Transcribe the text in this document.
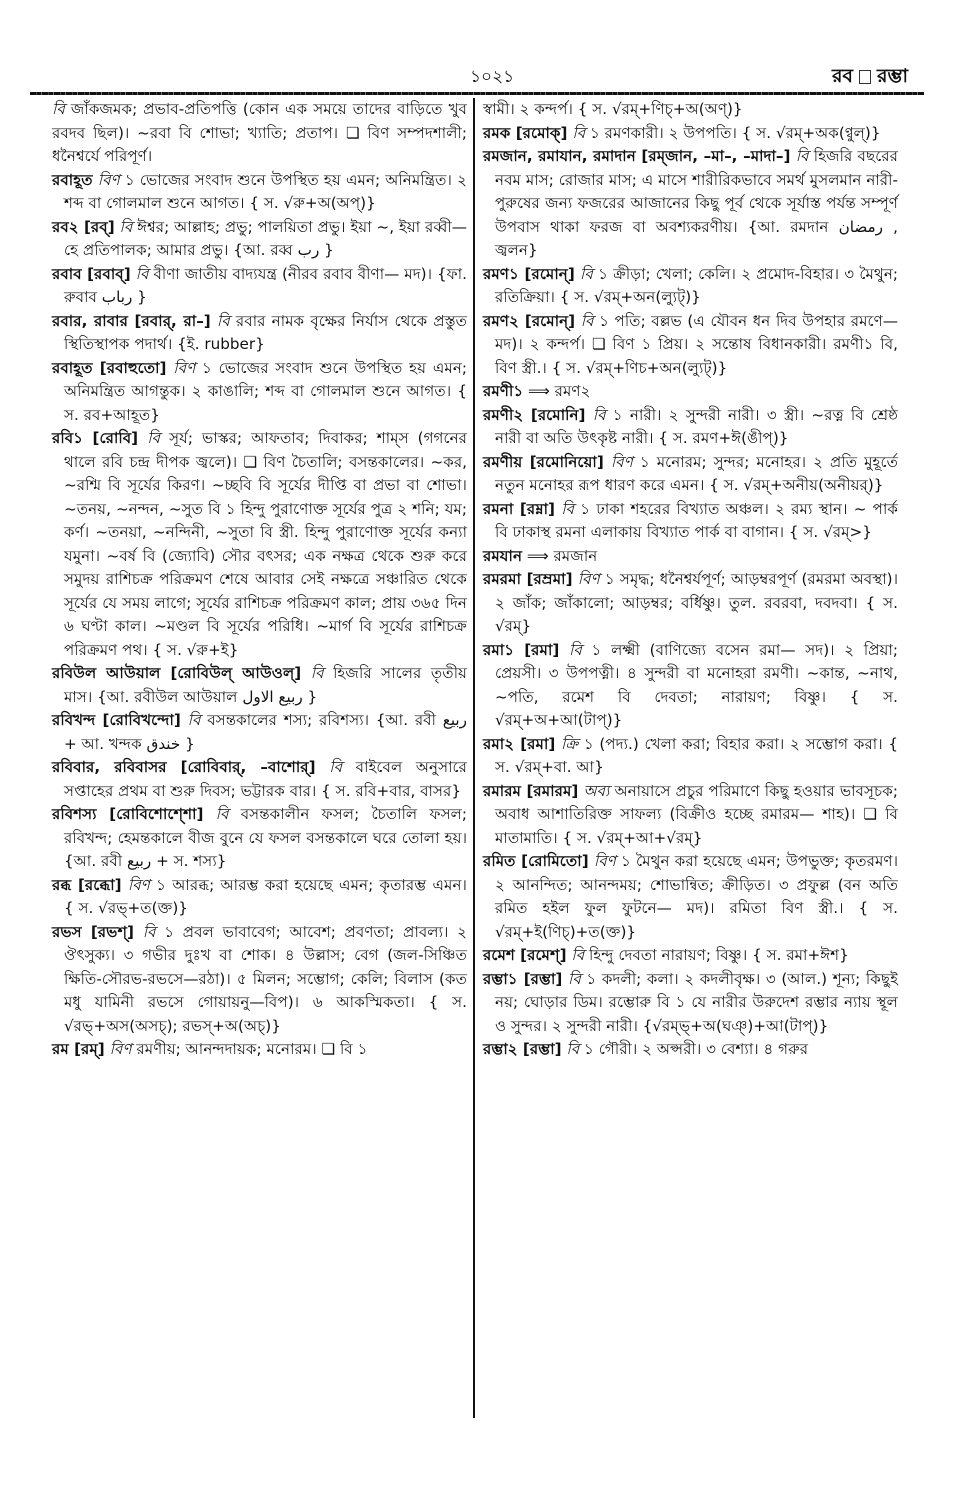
১০২১	রব রম্ভা

বি জাঁকজমক; প্রভাব-প্রতিপত্তি (কোন এক সময়ে তাদের বাড়িতে খুব রবদব ছিল)। ~রবা বি শোভা; খ্যাতি; প্রতাপ। ❏ বিণ সম্পদশালী; ধনৈশ্বর্যে পরিপূর্ণ।

রবাহূত বিণ ১ ভোজের সংবাদ শুনে উপস্থিত হয় এমন; অনিমন্ত্রিত। ২ শব্দ বা গোলমাল শুনে আগত। { স. √রু+অ(অপ্)}

রব২ [রব্] বি ঈশ্বর; আল্লাহ; প্রভু; পালয়িতা প্রভু। ইয়া ~, ইয়া রব্বী— হে প্রতিপালক; আমার প্রভু। {আ. রব্ব رب }

রবাব [রবাব্] বি বীণা জাতীয় বাদ্যযন্ত্র (নীরব রবাব বীণা— মদ)। {ফা. রুবাব رباب }

রবার, রাবার [রবার্, রা–] বি রবার নামক বৃক্ষের নির্যাস থেকে প্রস্তুত স্থিতিস্থাপক পদার্থ। {ই. rubber}

রবাহূত [রবাহুতো] বিণ ১ ভোজের সংবাদ শুনে উপস্থিত হয় এমন; অনিমন্ত্রিত আগন্তুক। ২ কাঙালি; শব্দ বা গোলমাল শুনে আগত। { স. রব+আহূত}

রবি১ [রোবি] বি সূর্য; ভাস্কর; আফতাব; দিবাকর; শাম্স (গগনের থালে রবি চন্দ্র দীপক জ্বলে)। ❏ বিণ চৈতালি; বসন্তকালের। ~কর, ~রশ্মি বি সূর্যের কিরণ। ~চ্ছবি বি সূর্যের দীপ্তি বা প্রভা বা শোভা। ~তনয়, ~নন্দন, ~সুত বি ১ হিন্দু পুরাণোক্ত সূর্যের পুত্র ২ শনি; যম; কর্ণ। ~তনয়া, ~নন্দিনী, ~সুতা বি স্ত্রী. হিন্দু পুরাণোক্ত সূর্যের কন্যা যমুনা। ~বর্ষ বি (জ্যোবি) সৌর বৎসর; এক নক্ষত্র থেকে শুরু করে সমুদয় রাশিচক্র পরিক্রমণ শেষে আবার সেই নক্ষত্রে সঞ্চারিত থেকে সূর্যের যে সময় লাগে; সূর্যের রাশিচক্র পরিক্রমণ কাল; প্রায় ৩৬৫ দিন ৬ ঘণ্টা কাল। ~মণ্ডল বি সূর্যের পরিধি। ~মার্গ বি সূর্যের রাশিচক্র পরিক্রমণ পথ। { স. √রু+ই}

রবিউল আউয়াল [রোবিউল্ আউওল্] বি হিজরি সালের তৃতীয় মাস। {আ. রবীউল আউয়াল ربيع الاول }

রবিখন্দ [রোবিখন্দো] বি বসন্তকালের শস্য; রবিশস্য। {আ. রবী ربيع + আ. খন্দক خندق }

রবিবার, রবিবাসর [রোবিবার্, –বাশোর্] বি বাইবেল অনুসারে সপ্তাহের প্রথম বা শুরু দিবস; ভট্টারক বার। { স. রবি+বার, বাসর}

রবিশস্য [রোবিশোশ্শো] বি বসন্তকালীন ফসল; চৈতালি ফসল; রবিখন্দ; হেমন্তকালে বীজ বুনে যে ফসল বসন্তকালে ঘরে তোলা হয়। {আ. রবী ربيع + স. শস্য}

রব্ধ [রব্ধো] বিণ ১ আরব্ধ; আরম্ভ করা হয়েছে এমন; কৃতারম্ভ এমন। { স. √রভ্+ত(ক্ত)}

রভস [রভশ্] বি ১ প্রবল ভাবাবেগ; আবেশ; প্রবণতা; প্রাবল্য। ২ ঔৎসুক্য। ৩ গভীর দুঃখ বা শোক। ৪ উল্লাস; বেগ (জল-সিঞ্চিত ক্ষিতি-সৌরভ-রভসে—রঠা)। ৫ মিলন; সম্ভোগ; কেলি; বিলাস (কত মধু যামিনী রভসে গোয়ায়নু—বিপ)। ৬ আকস্মিকতা। { স. √রভ্+অস(অসচ্); রভস্+অ(অচ্)}

রম [রম্] বিণ রমণীয়; আনন্দদায়ক; মনোরম। ❏ বি ১

স্বামী। ২ কন্দর্প। { স. √রম্+ণিচ্+অ(অণ্)}

রমক [রমোক্] বি ১ রমণকারী। ২ উপপতি। { স. √রম্+অক(ণ্বুল্)}

রমজান, রমাযান, রমাদান [রম্জান, –মা–, –মাদা–] বি হিজরি বছরের নবম মাস; রোজার মাস; এ মাসে শারীরিকভাবে সমর্থ মুসলমান নারী-পুরুষের জন্য ফজরের আজানের কিছু পূর্ব থেকে সূর্যাস্ত পর্যন্ত সম্পূর্ণ উপবাস থাকা ফরজ বা অবশ্যকরণীয়। {আ. রমদান رمضان , জ্বলন}

রমণ১ [রমোন্] বি ১ ক্রীড়া; খেলা; কেলি। ২ প্রমোদ-বিহার। ৩ মৈথুন; রতিক্রিয়া। { স. √রম্+অন(ল্যুট্)}

রমণ২ [রমোন্] বি ১ পতি; বল্লভ (এ যৌবন ধন দিব উপহার রমণে— মদ)। ২ কন্দর্প। ❏ বিণ ১ প্রিয়। ২ সন্তোষ বিধানকারী। রমণী১ বি, বিণ স্ত্রী.। { স. √রম্+ণিচ+অন(ল্যুট্)}

রমণী১ ⟹ রমণ২

রমণী২ [রমোনি] বি ১ নারী। ২ সুন্দরী নারী। ৩ স্ত্রী। ~রত্ন বি শ্রেষ্ঠ নারী বা অতি উৎকৃষ্ট নারী। { স. রমণ+ঈ(ঙীপ্)}

রমণীয় [রমোনিয়ো] বিণ ১ মনোরম; সুন্দর; মনোহর। ২ প্রতি মুহূর্তে নতুন মনোহর রূপ ধারণ করে এমন। { স. √রম্+অনীয়(অনীয়র্)}

রমনা [রম্না] বি ১ ঢাকা শহরের বিখ্যাত অঞ্চল। ২ রম্য স্থান। ~ পার্ক বি ঢাকাস্থ রমনা এলাকায় বিখ্যাত পার্ক বা বাগান। { স. √রম্>}

রমযান ⟹ রমজান

রমরমা [রম্রমা] বিণ ১ সমৃদ্ধ; ধনৈশ্বর্যপূর্ণ; আড়ম্বরপূর্ণ (রমরমা অবস্থা)। ২ জাঁক; জাঁকালো; আড়ম্বর; বর্ধিষ্ণু। তুল. রবরবা, দবদবা। { স. √রম্}

রমা১ [রমা] বি ১ লক্ষ্মী (বাণিজ্যে বসেন রমা— সদ)। ২ প্রিয়া; প্রেয়সী। ৩ উপপত্নী। ৪ সুন্দরী বা মনোহরা রমণী। ~কান্ত, ~নাথ, ~পতি, রমেশ বি দেবতা; নারায়ণ; বিষ্ণু। { স. √রম্+অ+আ(টাপ্)}

রমা২ [রমা] ক্রি ১ (পদ্য.) খেলা করা; বিহার করা। ২ সম্ভোগ করা। { স. √রম্+বা. আ}

রমারম [রমারম] অব্য অনায়াসে প্রচুর পরিমাণে কিছু হওয়ার ভাবসূচক; অবাধ আশাতিরিক্ত সাফল্য (বিক্রীও হচ্ছে রমারম— শাহ)। ❏ বি মাতামাতি। { স. √রম্+আ+√রম্}

রমিত [রোমিতো] বিণ ১ মৈথুন করা হয়েছে এমন; উপভুক্ত; কৃতরমণ। ২ আনন্দিত; আনন্দময়; শোভান্বিত; ক্রীড়িত। ৩ প্রফুল্ল (বন অতি রমিত হইল ফুল ফুটনে— মদ)। রমিতা বিণ স্ত্রী.। { স. √রম্+ই(ণিচ্)+ত(ক্ত)}

রমেশ [রমেশ্] বি হিন্দু দেবতা নারায়ণ; বিষ্ণু। { স. রমা+ঈশ}

রম্ভা১ [রম্ভা] বি ১ কদলী; কলা। ২ কদলীবৃক্ষ। ৩ (আল.) শূন্য; কিছুই নয়; ঘোড়ার ডিম। রম্ভোরু বি ১ যে নারীর উরুদেশ রম্ভার ন্যায় স্থূল ও সুন্দর। ২ সুন্দরী নারী। {√রম্ভ্+অ(ঘঞ্)+আ(টাপ্)}

রম্ভা২ [রম্ভা] বি ১ গৌরী। ২ অপ্সরী। ৩ বেশ্যা। ৪ গরুর
